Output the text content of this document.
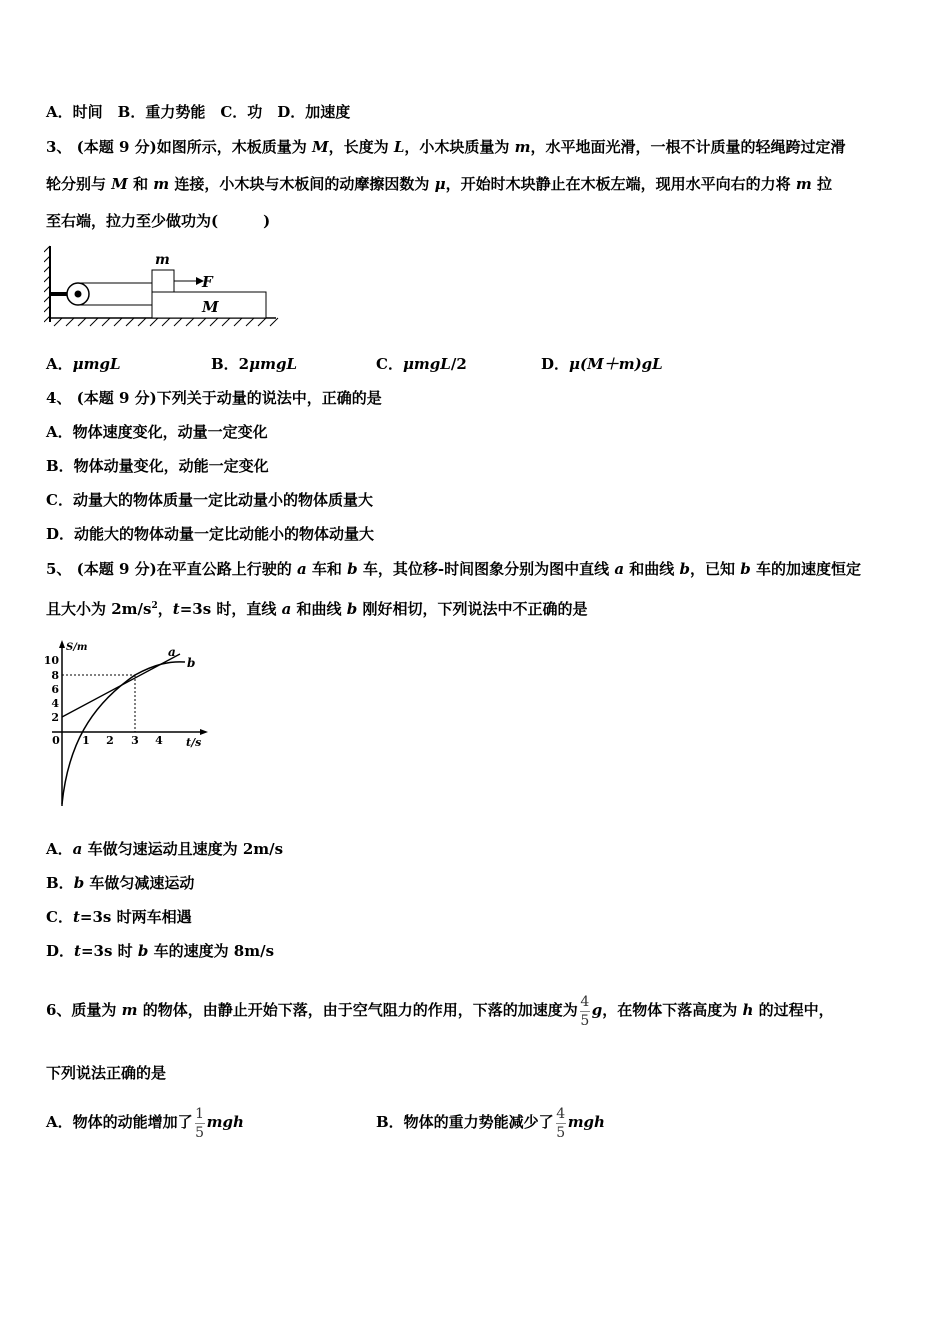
A．时间　B．重力势能　C．功　D．加速度
3、 (本题 9 分)如图所示，木板质量为 M，长度为 L，小木块质量为 m，水平地面光滑，一根不计质量的轻绳跨过定滑
轮分别与 M 和 m 连接，小木块与木板间的动摩擦因数为 μ，开始时木块静止在木板左端，现用水平向右的力将 m 拉
至右端，拉力至少做功为(　　　)
m
F
M
A．μmgL	B．2μmgL	C．μmgL/2	D．μ(M＋m)gL
4、 (本题 9 分)下列关于动量的说法中，正确的是
A．物体速度变化，动量一定变化
B．物体动量变化，动能一定变化
C．动量大的物体质量一定比动量小的物体质量大
D．动能大的物体动量一定比动能小的物体动量大
5、 (本题 9 分)在平直公路上行驶的 a 车和 b 车，其位移-时间图象分别为图中直线 a 和曲线 b，已知 b 车的加速度恒定
且大小为 $2m/s^2$，t=3s 时，直线 a 和曲线 b 刚好相切，下列说法中不正确的是
S/m
t/s
10
8
6
4
2
0 1 2 3 4
a
b
A．a 车做匀速运动且速度为 2m/s
B．b 车做匀减速运动
C．t=3s 时两车相遇
D．t=3s 时 b 车的速度为 8m/s
6、质量为 m 的物体，由静止开始下落，由于空气阻力的作用，下落的加速度为 $\frac{4}{5}$ g，在物体下落高度为 h 的过程中，
下列说法正确的是
A．物体的动能增加了 $\frac{1}{5}$ mgh	B．物体的重力势能减少了 $\frac{4}{5}$ mgh
